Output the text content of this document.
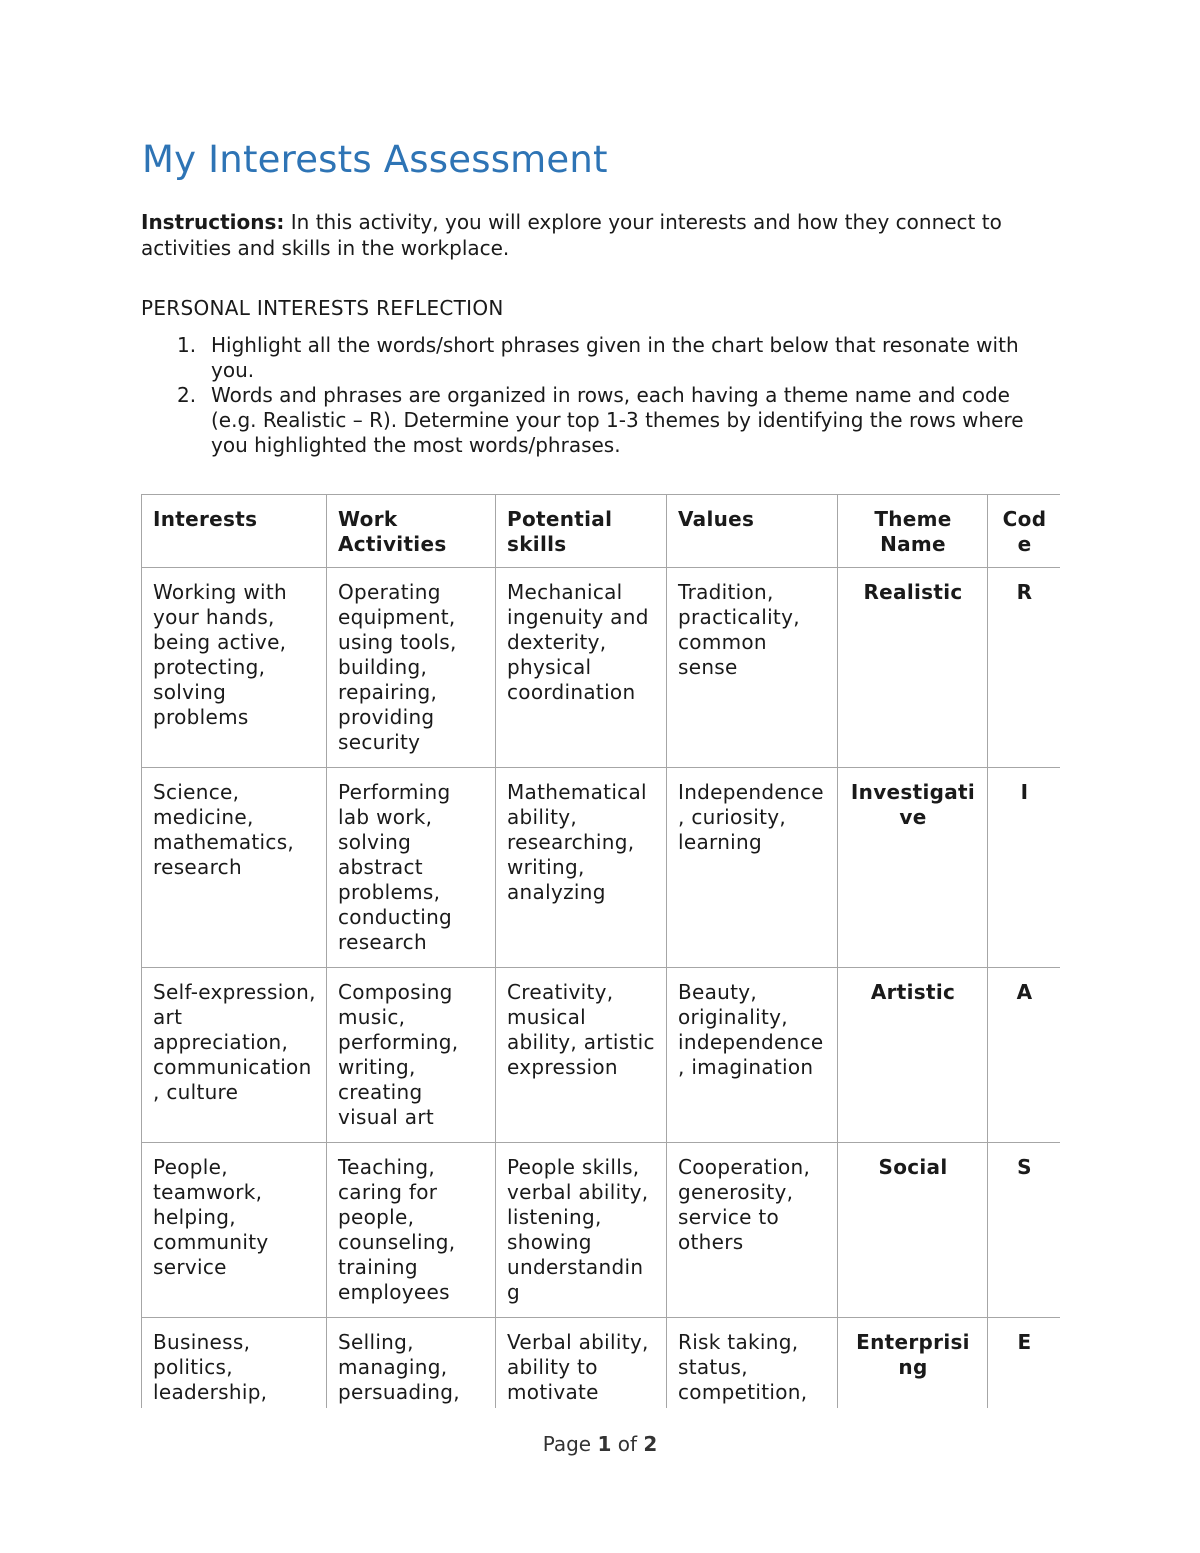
My Interests Assessment

Instructions: In this activity, you will explore your interests and how they connect to activities and skills in the workplace.

PERSONAL INTERESTS REFLECTION
1. Highlight all the words/short phrases given in the chart below that resonate with you.
2. Words and phrases are organized in rows, each having a theme name and code (e.g. Realistic – R). Determine your top 1-3 themes by identifying the rows where you highlighted the most words/phrases.
Interests	Work Activities	Potential skills	Values	Theme Name	Code
Working with your hands, being active, protecting, solving problems	Operating equipment, using tools, building, repairing, providing security	Mechanical ingenuity and dexterity, physical coordination	Tradition, practicality, common sense	Realistic	R
Science, medicine, mathematics, research	Performing lab work, solving abstract problems, conducting research	Mathematical ability, researching, writing, analyzing	Independence, curiosity, learning	Investigative	I
Self-expression, art appreciation, communication, culture	Composing music, performing, writing, creating visual art	Creativity, musical ability, artistic expression	Beauty, originality, independence, imagination	Artistic	A
People, teamwork, helping, community service	Teaching, caring for people, counseling, training employees	People skills, verbal ability, listening, showing understanding	Cooperation, generosity, service to others	Social	S
Business, politics, leadership,	Selling, managing, persuading,	Verbal ability, ability to motivate	Risk taking, status, competition,	Enterprising	E
Page 1 of 2
